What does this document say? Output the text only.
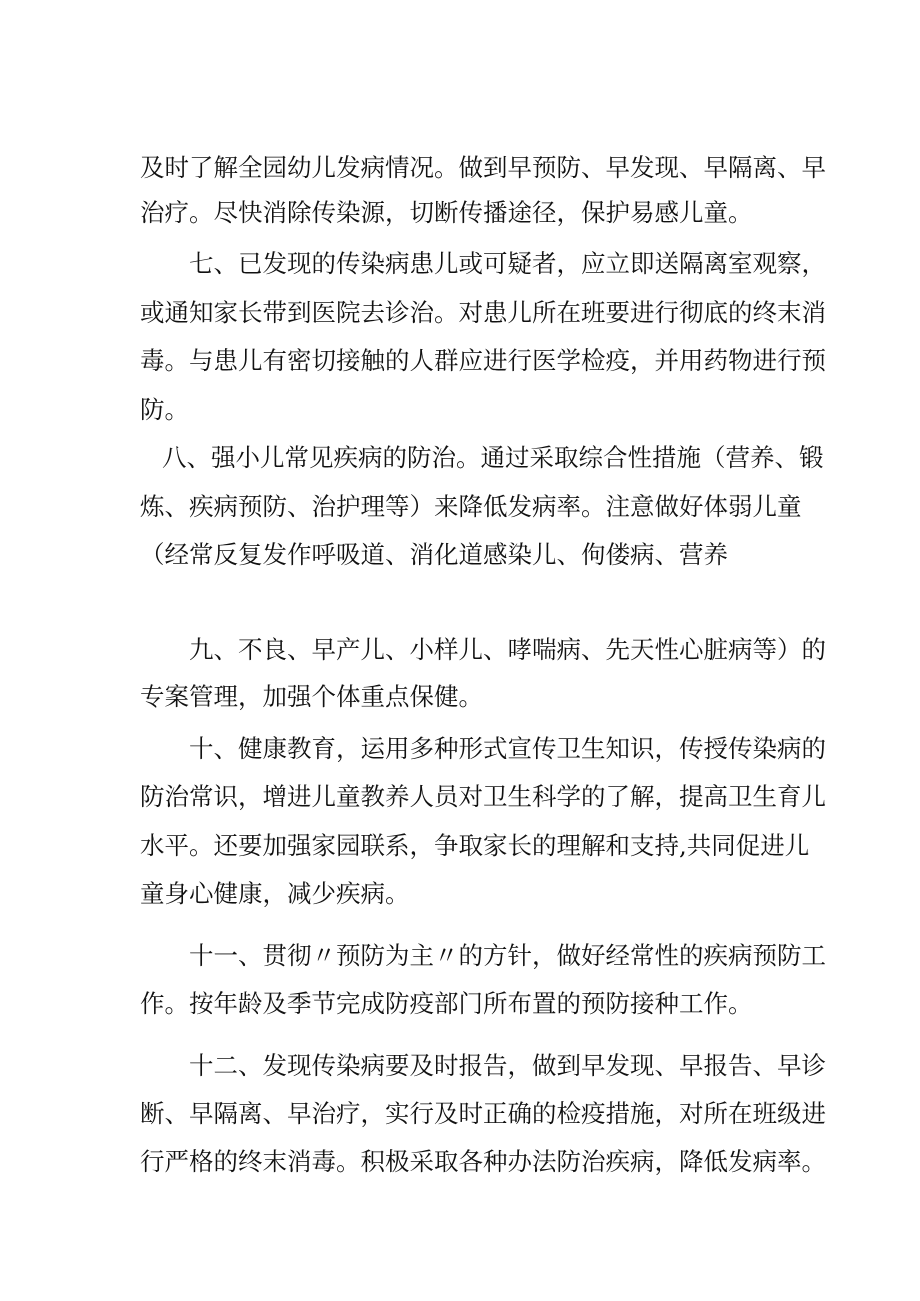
及时了解全园幼儿发病情况。做到早预防、早发现、早隔离、早

治疗。尽快消除传染源，切断传播途径，保护易感儿童。

七、已发现的传染病患儿或可疑者，应立即送隔离室观察，

或通知家长带到医院去诊治。对患儿所在班要进行彻底的终末消

毒。与患儿有密切接触的人群应进行医学检疫，并用药物进行预

防。

八、强小儿常见疾病的防治。通过采取综合性措施（营养、锻

炼、疾病预防、治护理等）来降低发病率。注意做好体弱儿童

（经常反复发作呼吸道、消化道感染儿、佝偻病、营养

九、不良、早产儿、小样儿、哮喘病、先天性心脏病等）的

专案管理，加强个体重点保健。

十、健康教育，运用多种形式宣传卫生知识，传授传染病的

防治常识，增进儿童教养人员对卫生科学的了解，提高卫生育儿

水平。还要加强家园联系，争取家长的理解和支持,共同促进儿

童身心健康，减少疾病。

十一、贯彻〃预防为主〃的方针，做好经常性的疾病预防工

作。按年龄及季节完成防疫部门所布置的预防接种工作。

十二、发现传染病要及时报告，做到早发现、早报告、早诊

断、早隔离、早治疗，实行及时正确的检疫措施，对所在班级进

行严格的终末消毒。积极采取各种办法防治疾病，降低发病率。
